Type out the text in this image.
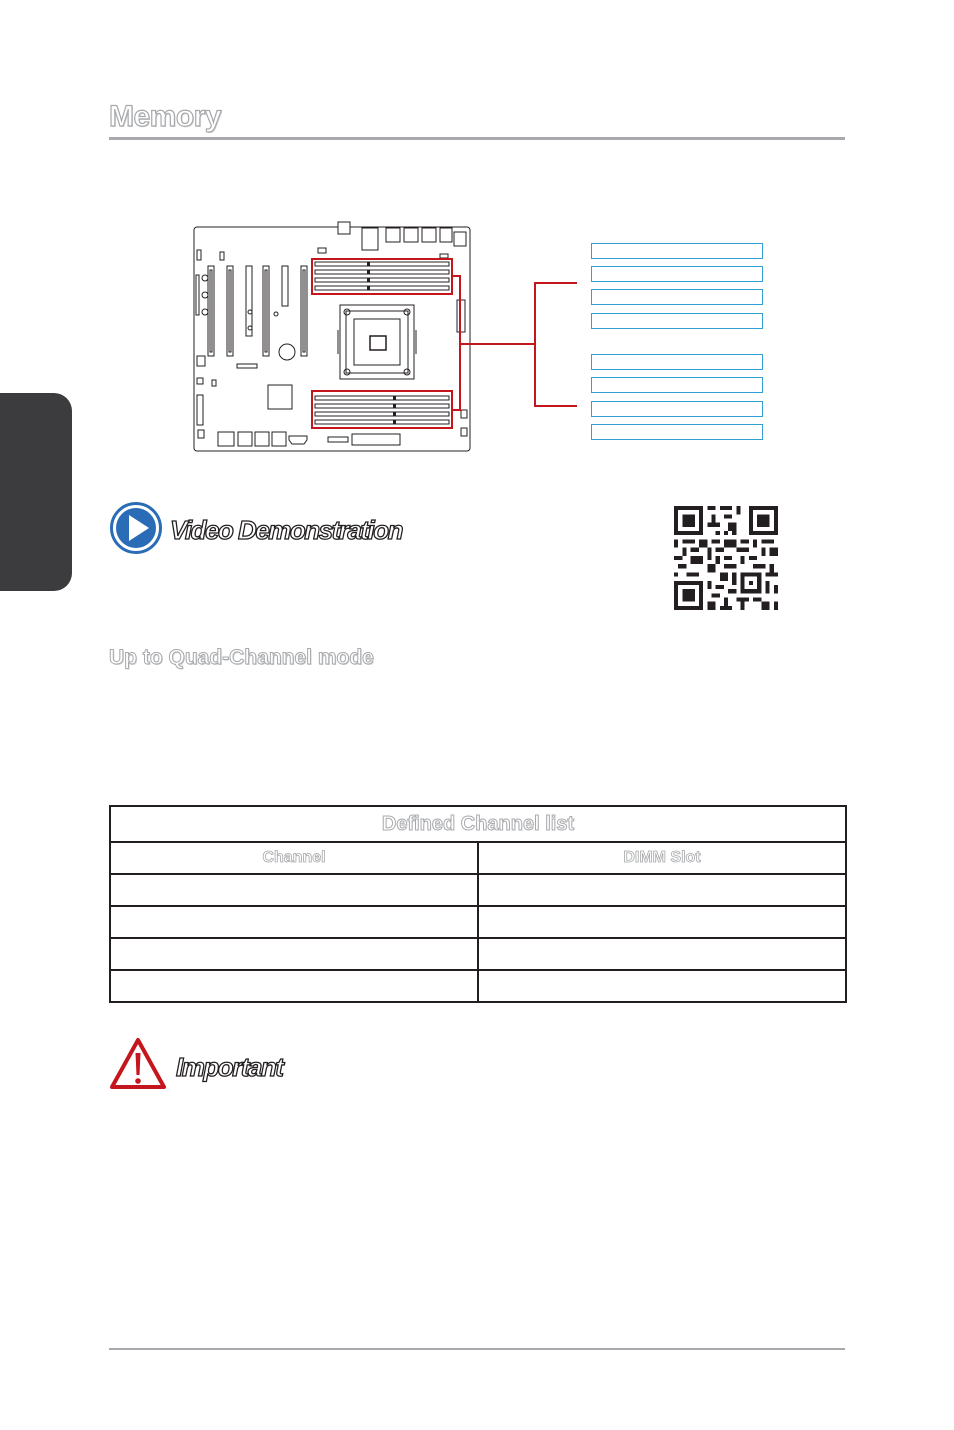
Memory
Video Demonstration
Up to Quad-Channel mode
Defined Channel list	
Channel	DIMM Slot

Important
